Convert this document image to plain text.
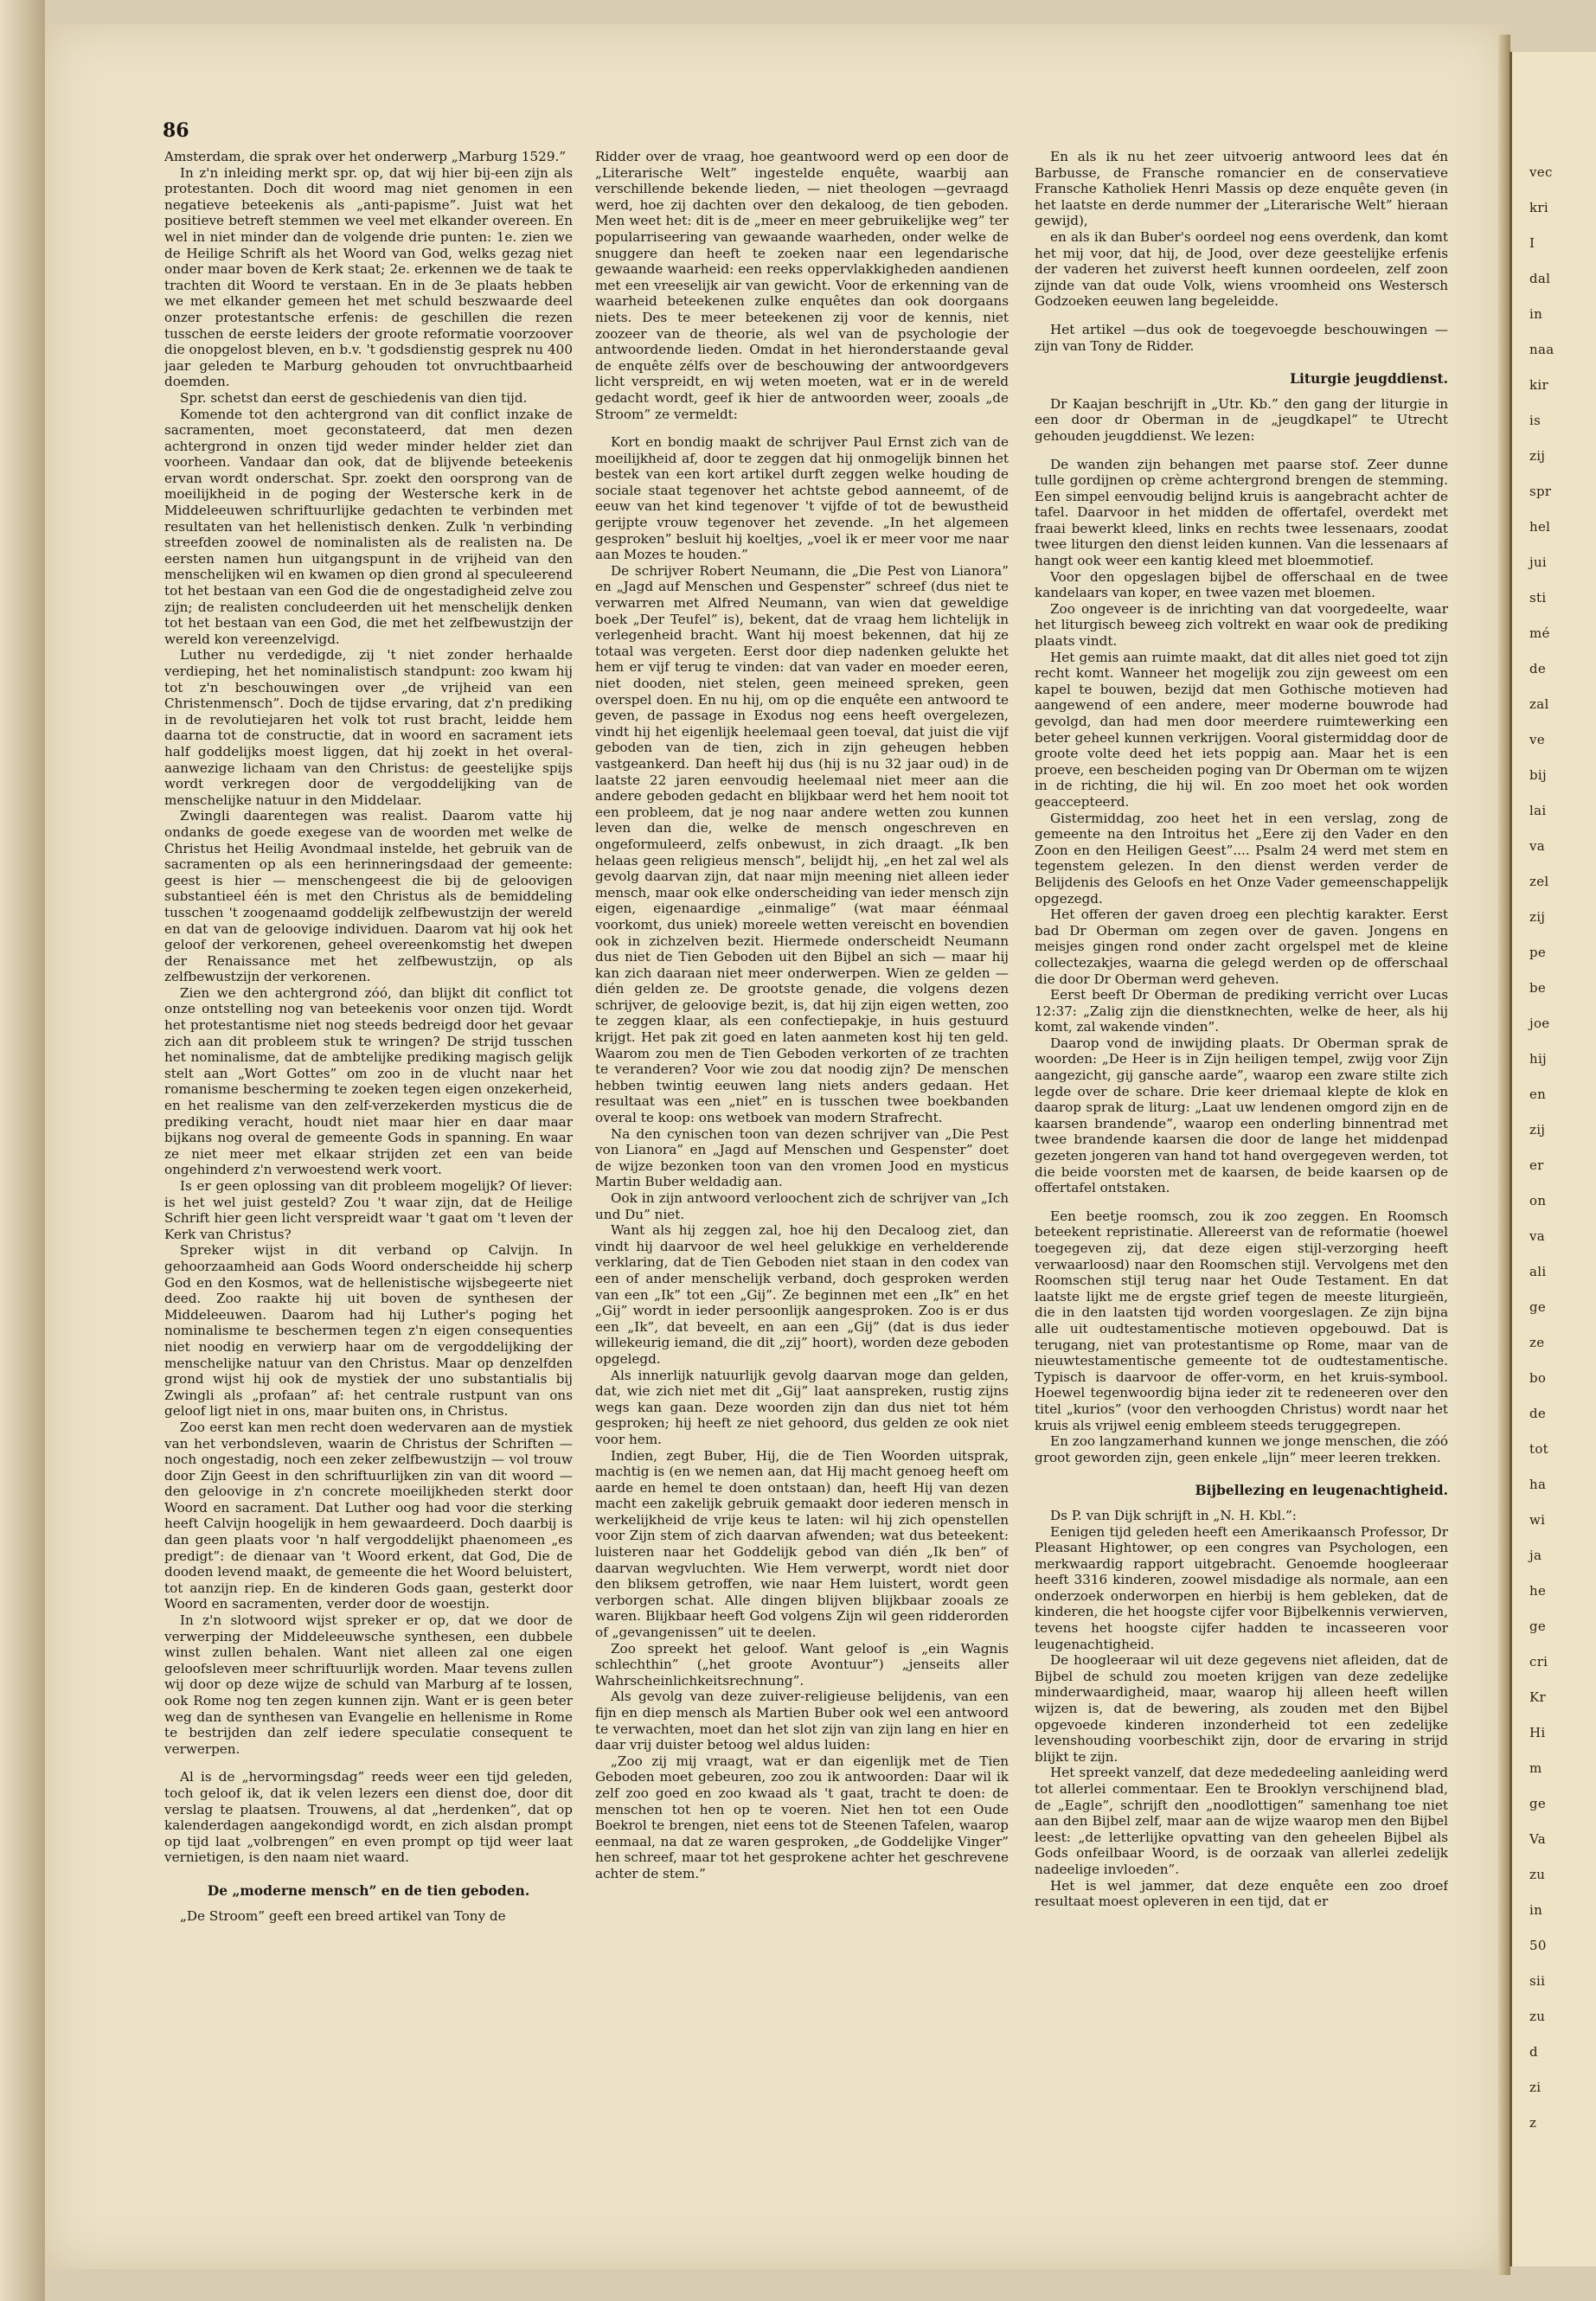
86

Amsterdam, die sprak over het onderwerp „Marburg 1529.”

In z'n inleiding merkt spr. op, dat wij hier bij-een zijn als protestanten. Doch dit woord mag niet genomen in een negatieve beteekenis als „anti-papisme”. Juist wat het positieve betreft stemmen we veel met elkander overeen. En wel in niet minder dan de volgende drie punten: 1e. zien we de Heilige Schrift als het Woord van God, welks gezag niet onder maar boven de Kerk staat; 2e. erkennen we de taak te trachten dit Woord te verstaan. En in de 3e plaats hebben we met elkander gemeen het met schuld beszwaarde deel onzer protestantsche erfenis: de geschillen die rezen tusschen de eerste leiders der groote reformatie voorzoover die onopgelost bleven, en b.v. 't godsdienstig gesprek nu 400 jaar geleden te Marburg gehouden tot onvruchtbaarheid doemden.

Spr. schetst dan eerst de geschiedenis van dien tijd.

Komende tot den achtergrond van dit conflict inzake de sacramenten, moet geconstateerd, dat men dezen achtergrond in onzen tijd weder minder helder ziet dan voorheen. Vandaar dan ook, dat de blijvende beteekenis ervan wordt onderschat. Spr. zoekt den oorsprong van de moeilijkheid in de poging der Westersche kerk in de Middeleeuwen schriftuurlijke gedachten te verbinden met resultaten van het hellenistisch denken. Zulk 'n verbinding streefden zoowel de nominalisten als de realisten na. De eersten namen hun uitgangspunt in de vrijheid van den menschelijken wil en kwamen op dien grond al speculeerend tot het bestaan van een God die de ongestadigheid zelve zou zijn; de realisten concludeerden uit het menschelijk denken tot het bestaan van een God, die met het zelfbewustzijn der wereld kon vereenzelvigd.

Luther nu verdedigde, zij 't niet zonder herhaalde verdieping, het het nominalistisch standpunt: zoo kwam hij tot z'n beschouwingen over „de vrijheid van een Christenmensch”. Doch de tijdse ervaring, dat z'n prediking in de revolutiejaren het volk tot rust bracht, leidde hem daarna tot de constructie, dat in woord en sacrament iets half goddelijks moest liggen, dat hij zoekt in het overal-aanwezige lichaam van den Christus: de geestelijke spijs wordt verkregen door de vergoddelijking van de menschelijke natuur in den Middelaar.

Zwingli daarentegen was realist. Daarom vatte hij ondanks de goede exegese van de woorden met welke de Christus het Heilig Avondmaal instelde, het gebruik van de sacramenten op als een herinneringsdaad der gemeente: geest is hier — menschengeest die bij de geloovigen substantieel één is met den Christus als de bemiddeling tusschen 't zoogenaamd goddelijk zelfbewustzijn der wereld en dat van de geloovige individuen. Daarom vat hij ook het geloof der verkorenen, geheel overeenkomstig het dwepen der Renaissance met het zelfbewustzijn, op als zelfbewustzijn der verkorenen.

Zien we den achtergrond zóó, dan blijkt dit conflict tot onze ontstelling nog van beteekenis voor onzen tijd. Wordt het protestantisme niet nog steeds bedreigd door het gevaar zich aan dit probleem stuk te wringen? De strijd tusschen het nominalisme, dat de ambtelijke prediking magisch gelijk stelt aan „Wort Gottes” om zoo in de vlucht naar het romanisme bescherming te zoeken tegen eigen onzekerheid, en het realisme van den zelf-verzekerden mysticus die de prediking veracht, houdt niet maar hier en daar maar bijkans nog overal de gemeente Gods in spanning. En waar ze niet meer met elkaar strijden zet een van beide ongehinderd z'n verwoestend werk voort.

Is er geen oplossing van dit probleem mogelijk? Of liever: is het wel juist gesteld? Zou 't waar zijn, dat de Heilige Schrift hier geen licht verspreidt waar 't gaat om 't leven der Kerk van Christus?

Spreker wijst in dit verband op Calvijn. In gehoorzaamheid aan Gods Woord onderscheidde hij scherp God en den Kosmos, wat de hellenistische wijsbegeerte niet deed. Zoo raakte hij uit boven de synthesen der Middeleeuwen. Daarom had hij Luther's poging het nominalisme te beschermen tegen z'n eigen consequenties niet noodig en verwierp haar om de vergoddelijking der menschelijke natuur van den Christus. Maar op denzelfden grond wijst hij ook de mystiek der uno substantialis bij Zwingli als „profaan” af: het centrale rustpunt van ons geloof ligt niet in ons, maar buiten ons, in Christus.

Zoo eerst kan men recht doen wedervaren aan de mystiek van het verbondsleven, waarin de Christus der Schriften — noch ongestadig, noch een zeker zelfbewustzijn — vol trouw door Zijn Geest in den schriftuurlijken zin van dit woord — den geloovige in z'n concrete moeilijkheden sterkt door Woord en sacrament. Dat Luther oog had voor die sterking heeft Calvijn hoogelijk in hem gewaardeerd. Doch daarbij is dan geen plaats voor 'n half vergoddelijkt phaenomeen „es predigt”: de dienaar van 't Woord erkent, dat God, Die de dooden levend maakt, de gemeente die het Woord beluistert, tot aanzijn riep. En de kinderen Gods gaan, gesterkt door Woord en sacramenten, verder door de woestijn.

In z'n slotwoord wijst spreker er op, dat we door de verwerping der Middeleeuwsche synthesen, een dubbele winst zullen behalen. Want niet alleen zal one eigen geloofsleven meer schriftuurlijk worden. Maar tevens zullen wij door op deze wijze de schuld van Marburg af te lossen, ook Rome nog ten zegen kunnen zijn. Want er is geen beter weg dan de synthesen van Evangelie en hellenisme in Rome te bestrijden dan zelf iedere speculatie consequent te verwerpen.

Al is de „hervormingsdag” reeds weer een tijd geleden, toch geloof ik, dat ik velen lezers een dienst doe, door dit verslag te plaatsen. Trouwens, al dat „herdenken”, dat op kalenderdagen aangekondigd wordt, en zich alsdan prompt op tijd laat „volbrengen” en even prompt op tijd weer laat vernietigen, is den naam niet waard.

De „moderne mensch” en de tien geboden.

„De Stroom” geeft een breed artikel van Tony de

Ridder over de vraag, hoe geantwoord werd op een door de „Literarische Welt” ingestelde enquête, waarbij aan verschillende bekende lieden, — niet theologen —gevraagd werd, hoe zij dachten over den dekaloog, de tien geboden. Men weet het: dit is de „meer en meer gebruikelijke weg” ter popularriseering van gewaande waarheden, onder welke de snuggere dan heeft te zoeken naar een legendarische gewaande waarheid: een reeks oppervlakkigheden aandienen met een vreeselijk air van gewicht. Voor de erkenning van de waarheid beteekenen zulke enquêtes dan ook doorgaans niets. Des te meer beteekenen zij voor de kennis, niet zoozeer van de theorie, als wel van de psychologie der antwoordende lieden. Omdat in het hieronderstaande geval de enquête zélfs over de beschouwing der antwoordgevers licht verspreidt, en wij weten moeten, wat er in de wereld gedacht wordt, geef ik hier de antwoorden weer, zooals „de Stroom” ze vermeldt:

Kort en bondig maakt de schrijver Paul Ernst zich van de moeilijkheid af, door te zeggen dat hij onmogelijk binnen het bestek van een kort artikel durft zeggen welke houding de sociale staat tegenover het achtste gebod aanneemt, of de eeuw van het kind tegenover 't vijfde of tot de bewustheid gerijpte vrouw tegenover het zevende. „In het algemeen gesproken” besluit hij koeltjes, „voel ik er meer voor me naar aan Mozes te houden.”

De schrijver Robert Neumann, die „Die Pest von Lianora” en „Jagd auf Menschen und Gespenster” schreef (dus niet te verwarren met Alfred Neumann, van wien dat geweldige boek „Der Teufel” is), bekent, dat de vraag hem lichtelijk in verlegenheid bracht. Want hij moest bekennen, dat hij ze totaal was vergeten. Eerst door diep nadenken gelukte het hem er vijf terug te vinden: dat van vader en moeder eeren, niet dooden, niet stelen, geen meineed spreken, geen overspel doen. En nu hij, om op die enquête een antwoord te geven, de passage in Exodus nog eens heeft overgelezen, vindt hij het eigenlijk heelemaal geen toeval, dat juist die vijf geboden van de tien, zich in zijn geheugen hebben vastgeankerd. Dan heeft hij dus (hij is nu 32 jaar oud) in de laatste 22 jaren eenvoudig heelemaal niet meer aan die andere geboden gedacht en blijkbaar werd het hem nooit tot een probleem, dat je nog naar andere wetten zou kunnen leven dan die, welke de mensch ongeschreven en ongeformuleerd, zelfs onbewust, in zich draagt. „Ik ben helaas geen religieus mensch”, belijdt hij, „en het zal wel als gevolg daarvan zijn, dat naar mijn meening niet alleen ieder mensch, maar ook elke onderscheiding van ieder mensch zijn eigen, eigenaardige „einmalige” (wat maar éénmaal voorkomt, dus uniek) moreele wetten vereischt en bovendien ook in zichzelven bezit. Hiermede onderscheidt Neumann dus niet de Tien Geboden uit den Bijbel an sich — maar hij kan zich daaraan niet meer onderwerpen. Wien ze gelden — dién gelden ze. De grootste genade, die volgens dezen schrijver, de geloovige bezit, is, dat hij zijn eigen wetten, zoo te zeggen klaar, als een confectiepakje, in huis gestuurd krijgt. Het pak zit goed en laten aanmeten kost hij ten geld. Waarom zou men de Tien Geboden verkorten of ze trachten te veranderen? Voor wie zou dat noodig zijn? De menschen hebben twintig eeuwen lang niets anders gedaan. Het resultaat was een „niet” en is tusschen twee boekbanden overal te koop: ons wetboek van modern Strafrecht.

Na den cynischen toon van dezen schrijver van „Die Pest von Lianora” en „Jagd auf Menschen und Gespenster” doet de wijze bezonken toon van den vromen Jood en mysticus Martin Buber weldadig aan.

Ook in zijn antwoord verloochent zich de schrijver van „Ich und Du” niet.

Want als hij zeggen zal, hoe hij den Decaloog ziet, dan vindt hij daarvoor de wel heel gelukkige en verhelderende verklaring, dat de Tien Geboden niet staan in den codex van een of ander menschelijk verband, doch gesproken werden van een „Ik” tot een „Gij”. Ze beginnen met een „Ik” en het „Gij” wordt in ieder persoonlijk aangesproken. Zoo is er dus een „Ik”, dat beveelt, en aan een „Gij” (dat is dus ieder willekeurig iemand, die dit „zij” hoort), worden deze geboden opgelegd.

Als innerlijk natuurlijk gevolg daarvan moge dan gelden, dat, wie zich niet met dit „Gij” laat aanspreken, rustig zijns wegs kan gaan. Deze woorden zijn dan dus niet tot hém gesproken; hij heeft ze niet gehoord, dus gelden ze ook niet voor hem.

Indien, zegt Buber, Hij, die de Tien Woorden uitsprak, machtig is (en we nemen aan, dat Hij macht genoeg heeft om aarde en hemel te doen ontstaan) dan, heeft Hij van dezen macht een zakelijk gebruik gemaakt door iederen mensch in werkelijkheid de vrije keus te laten: wil hij zich openstellen voor Zijn stem of zich daarvan afwenden; wat dus beteekent: luisteren naar het Goddelijk gebod van dién „Ik ben” of daarvan wegvluchten. Wie Hem verwerpt, wordt niet door den bliksem getroffen, wie naar Hem luistert, wordt geen verborgen schat. Alle dingen blijven blijkbaar zooals ze waren. Blijkbaar heeft God volgens Zijn wil geen ridderorden of „gevangenissen” uit te deelen.

Zoo spreekt het geloof. Want geloof is „ein Wagnis schlechthin” („het groote Avontuur”) „jenseits aller Wahrscheinlichkeitsrechnung”.

Als gevolg van deze zuiver-religieuse belijdenis, van een fijn en diep mensch als Martien Buber ook wel een antwoord te verwachten, moet dan het slot zijn van zijn lang en hier en daar vrij duister betoog wel aldus luiden:

„Zoo zij mij vraagt, wat er dan eigenlijk met de Tien Geboden moet gebeuren, zoo zou ik antwoorden: Daar wil ik zelf zoo goed en zoo kwaad als 't gaat, tracht te doen: de menschen tot hen op te voeren. Niet hen tot een Oude Boekrol te brengen, niet eens tot de Steenen Tafelen, waarop eenmaal, na dat ze waren gesproken, „de Goddelijke Vinger” hen schreef, maar tot het gesprokene achter het geschrevene achter de stem.”

En als ik nu het zeer uitvoerig antwoord lees dat én Barbusse, de Fransche romancier en de conservatieve Fransche Katholiek Henri Massis op deze enquête geven (in het laatste en derde nummer der „Literarische Welt” hieraan gewijd),

en als ik dan Buber's oordeel nog eens overdenk, dan komt het mij voor, dat hij, de Jood, over deze geestelijke erfenis der vaderen het zuiverst heeft kunnen oordeelen, zelf zoon zijnde van dat oude Volk, wiens vroomheid ons Westersch Godzoeken eeuwen lang begeleidde.

Het artikel —dus ook de toegevoegde beschouwingen — zijn van Tony de Ridder.

Liturgie jeugddienst.

Dr Kaajan beschrijft in „Utr. Kb.” den gang der liturgie in een door dr Oberman in de „jeugdkapel” te Utrecht gehouden jeugddienst. We lezen:

De wanden zijn behangen met paarse stof. Zeer dunne tulle gordijnen op crème achtergrond brengen de stemming. Een simpel eenvoudig belijnd kruis is aangebracht achter de tafel. Daarvoor in het midden de offertafel, overdekt met fraai bewerkt kleed, links en rechts twee lessenaars, zoodat twee liturgen den dienst leiden kunnen. Van die lessenaars af hangt ook weer een kantig kleed met bloemmotief.

Voor den opgeslagen bijbel de offerschaal en de twee kandelaars van koper, en twee vazen met bloemen.

Zoo ongeveer is de inrichting van dat voorgedeelte, waar het liturgisch beweeg zich voltrekt en waar ook de prediking plaats vindt.

Het gemis aan ruimte maakt, dat dit alles niet goed tot zijn recht komt. Wanneer het mogelijk zou zijn geweest om een kapel te bouwen, bezijd dat men Gothische motieven had aangewend of een andere, meer moderne bouwrode had gevolgd, dan had men door meerdere ruimtewerking een beter geheel kunnen verkrijgen. Vooral gistermiddag door de groote volte deed het iets poppig aan. Maar het is een proeve, een bescheiden poging van Dr Oberman om te wijzen in de richting, die hij wil. En zoo moet het ook worden geaccepteerd.

Gistermiddag, zoo heet het in een verslag, zong de gemeente na den Introitus het „Eere zij den Vader en den Zoon en den Heiligen Geest”.... Psalm 24 werd met stem en tegenstem gelezen. In den dienst werden verder de Belijdenis des Geloofs en het Onze Vader gemeenschappelijk opgezegd.

Het offeren der gaven droeg een plechtig karakter. Eerst bad Dr Oberman om zegen over de gaven. Jongens en meisjes gingen rond onder zacht orgelspel met de kleine collectezakjes, waarna die gelegd werden op de offerschaal die door Dr Oberman werd geheven.

Eerst beeft Dr Oberman de prediking verricht over Lucas 12:37: „Zalig zijn die dienstknechten, welke de heer, als hij komt, zal wakende vinden”.

Daarop vond de inwijding plaats. Dr Oberman sprak de woorden: „De Heer is in Zijn heiligen tempel, zwijg voor Zijn aangezicht, gij gansche aarde”, waarop een zware stilte zich legde over de schare. Drie keer driemaal klepte de klok en daarop sprak de liturg: „Laat uw lendenen omgord zijn en de kaarsen brandende”, waarop een onderling binnentrad met twee brandende kaarsen die door de lange het middenpad gezeten jongeren van hand tot hand overgegeven werden, tot die beide voorsten met de kaarsen, de beide kaarsen op de offertafel ontstaken.

Een beetje roomsch, zou ik zoo zeggen. En Roomsch beteekent repristinatie. Allereerst van de reformatie (hoewel toegegeven zij, dat deze eigen stijl-verzorging heeft verwaarloosd) naar den Roomschen stijl. Vervolgens met den Roomschen stijl terug naar het Oude Testament. En dat laatste lijkt me de ergste grief tegen de meeste liturgieën, die in den laatsten tijd worden voorgeslagen. Ze zijn bijna alle uit oudtestamentische motieven opgebouwd. Dat is terugang, niet van protestantisme op Rome, maar van de nieuwtestamentische gemeente tot de oudtestamentische. Typisch is daarvoor de offer-vorm, en het kruis-symbool. Hoewel tegenwoordig bijna ieder zit te redeneeren over den titel „kurios” (voor den verhoogden Christus) wordt naar het kruis als vrijwel eenig embleem steeds teruggegrepen.

En zoo langzamerhand kunnen we jonge menschen, die zóó groot geworden zijn, geen enkele „lijn” meer leeren trekken.

Bijbellezing en leugenachtigheid.

Ds P. van Dijk schrijft in „N. H. Kbl.”:

Eenigen tijd geleden heeft een Amerikaansch Professor, Dr Pleasant Hightower, op een congres van Psychologen, een merkwaardig rapport uitgebracht. Genoemde hoogleeraar heeft 3316 kinderen, zoowel misdadige als normale, aan een onderzoek onderworpen en hierbij is hem gebleken, dat de kinderen, die het hoogste cijfer voor Bijbelkennis verwierven, tevens het hoogste cijfer hadden te incasseeren voor leugenachtigheid.

De hoogleeraar wil uit deze gegevens niet afleiden, dat de Bijbel de schuld zou moeten krijgen van deze zedelijke minderwaardigheid, maar, waarop hij alleen heeft willen wijzen is, dat de bewering, als zouden met den Bijbel opgevoede kinderen inzonderheid tot een zedelijke levenshouding voorbeschikt zijn, door de ervaring in strijd blijkt te zijn.

Het spreekt vanzelf, dat deze mededeeling aanleiding werd tot allerlei commentaar. Een te Brooklyn verschijnend blad, de „Eagle”, schrijft den „noodlottigen” samenhang toe niet aan den Bijbel zelf, maar aan de wijze waarop men den Bijbel leest: „de letterlijke opvatting van den geheelen Bijbel als Gods onfeilbaar Woord, is de oorzaak van allerlei zedelijk nadeelige invloeden”.

Het is wel jammer, dat deze enquête een zoo droef resultaat moest opleveren in een tijd, dat er

vec
kri
I
dal
in
naa
kir
is
zij
spr
hel
jui
sti
mé
de
zal
ve
bij
lai
va
zel
zij
pe
be
joe
hij
en
zij
er
on
va
ali
ge
ze
bo
de
tot
ha
wi
ja
he
ge
cri
Kr
Hi
m
ge
Va
zu
in
50
sii
zu
d
zi
z
